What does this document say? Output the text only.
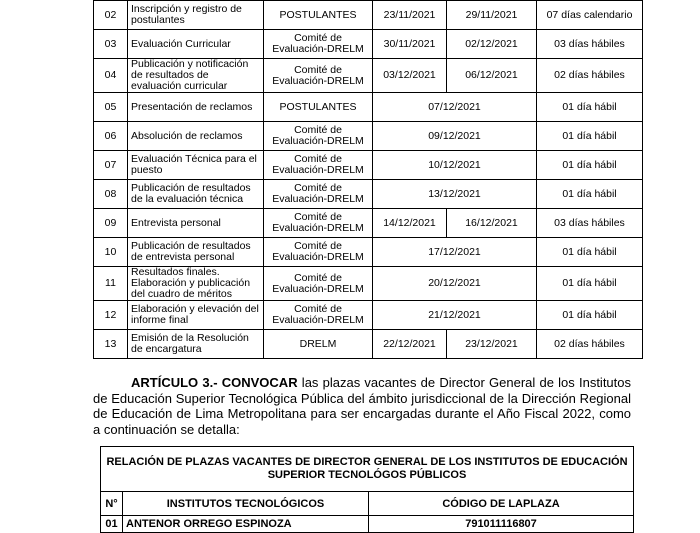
02	Inscripción y registro de postulantes	POSTULANTES	23/11/2021	29/11/2021	07 días calendario
03	Evaluación Curricular	Comité de Evaluación-DRELM	30/11/2021	02/12/2021	03 días hábiles
04	Publicación y notificación de resultados de evaluación curricular	Comité de Evaluación-DRELM	03/12/2021	06/12/2021	02 días hábiles
05	Presentación de reclamos	POSTULANTES	07/12/2021		01 día hábil
06	Absolución de reclamos	Comité de Evaluación-DRELM	09/12/2021		01 día hábil
07	Evaluación Técnica para el puesto	Comité de Evaluación-DRELM	10/12/2021		01 día hábil
08	Publicación de resultados de la evaluación técnica	Comité de Evaluación-DRELM	13/12/2021		01 día hábil
09	Entrevista personal	Comité de Evaluación-DRELM	14/12/2021	16/12/2021	03 días hábiles
10	Publicación de resultados de entrevista personal	Comité de Evaluación-DRELM	17/12/2021		01 día hábil
11	Resultados finales. Elaboración y publicación del cuadro de méritos	Comité de Evaluación-DRELM	20/12/2021		01 día hábil
12	Elaboración y elevación del informe final	Comité de Evaluación-DRELM	21/12/2021		01 día hábil
13	Emisión de la Resolución de encargatura	DRELM	22/12/2021	23/12/2021	02 días hábiles
ARTÍCULO 3.- CONVOCAR las plazas vacantes de Director General de los Institutos de Educación Superior Tecnológica Pública del ámbito jurisdiccional de la Dirección Regional de Educación de Lima Metropolitana para ser encargadas durante el Año Fiscal 2022, como a continuación se detalla:
RELACIÓN DE PLAZAS VACANTES DE DIRECTOR GENERAL DE LOS INSTITUTOS DE EDUCACIÓN SUPERIOR TECNOLÓGOS PÚBLICOS		
N°	INSTITUTOS TECNOLÓGICOS	CÓDIGO DE LAPLAZA
01	ANTENOR ORREGO ESPINOZA	791011116807
